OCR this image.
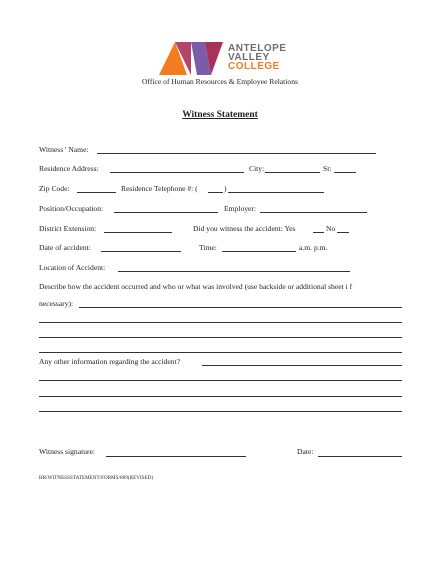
ANTELOPE
VALLEY
COLLEGE
Office of Human Resources & Employee Relations
Witness Statement
Witness ' Name:
Residence Address:	City:	St:
Zip Code:	Residence Telephone #: (	)
Position/Occupation:	Employer:
District Extension:	Did you witness the accident: Yes	No
Date of accident:	Time:	a.m. p.m.
Location of Accident:
Describe how the accident occurred and who or what was involved (use backside or additional sheet i f
necessary):
Any other information regarding the accident?
Witness signature:	Date:
HR/WITNESSSTATEMENT/FORMS/809(REVISED)
